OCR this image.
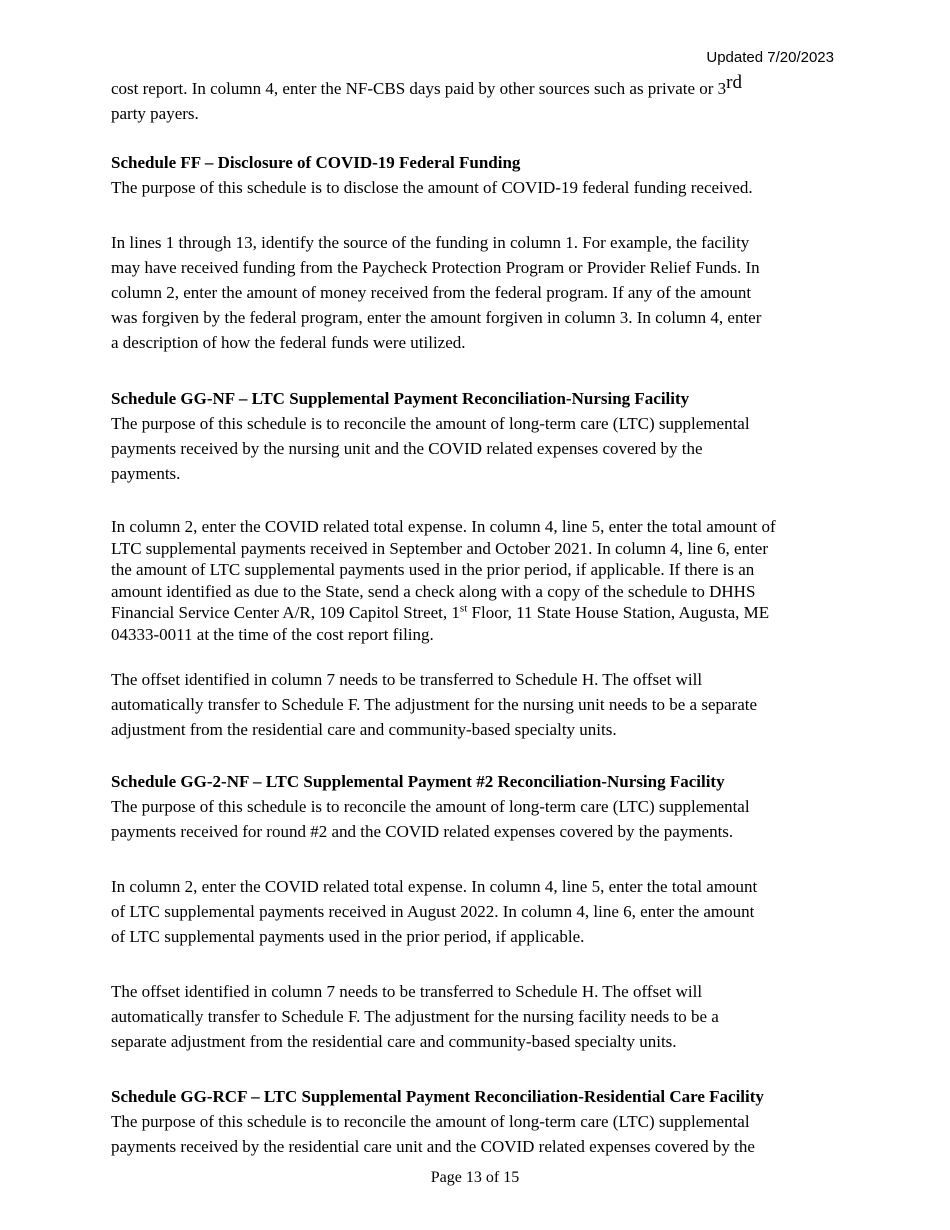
Updated 7/20/2023

cost report. In column 4, enter the NF-CBS days paid by other sources such as private or 3rd
party payers.

Schedule FF – Disclosure of COVID-19 Federal Funding

The purpose of this schedule is to disclose the amount of COVID-19 federal funding received.

In lines 1 through 13, identify the source of the funding in column 1. For example, the facility
may have received funding from the Paycheck Protection Program or Provider Relief Funds. In
column 2, enter the amount of money received from the federal program. If any of the amount
was forgiven by the federal program, enter the amount forgiven in column 3. In column 4, enter
a description of how the federal funds were utilized.

Schedule GG-NF – LTC Supplemental Payment Reconciliation-Nursing Facility

The purpose of this schedule is to reconcile the amount of long-term care (LTC) supplemental
payments received by the nursing unit and the COVID related expenses covered by the
payments.

In column 2, enter the COVID related total expense. In column 4, line 5, enter the total amount of
LTC supplemental payments received in September and October 2021. In column 4, line 6, enter
the amount of LTC supplemental payments used in the prior period, if applicable. If there is an
amount identified as due to the State, send a check along with a copy of the schedule to DHHS
Financial Service Center A/R, 109 Capitol Street, 1st Floor, 11 State House Station, Augusta, ME
04333-0011 at the time of the cost report filing.

The offset identified in column 7 needs to be transferred to Schedule H. The offset will
automatically transfer to Schedule F. The adjustment for the nursing unit needs to be a separate
adjustment from the residential care and community-based specialty units.

Schedule GG-2-NF – LTC Supplemental Payment #2 Reconciliation-Nursing Facility

The purpose of this schedule is to reconcile the amount of long-term care (LTC) supplemental
payments received for round #2 and the COVID related expenses covered by the payments.

In column 2, enter the COVID related total expense. In column 4, line 5, enter the total amount
of LTC supplemental payments received in August 2022. In column 4, line 6, enter the amount
of LTC supplemental payments used in the prior period, if applicable.

The offset identified in column 7 needs to be transferred to Schedule H. The offset will
automatically transfer to Schedule F. The adjustment for the nursing facility needs to be a
separate adjustment from the residential care and community-based specialty units.

Schedule GG-RCF – LTC Supplemental Payment Reconciliation-Residential Care Facility

The purpose of this schedule is to reconcile the amount of long-term care (LTC) supplemental
payments received by the residential care unit and the COVID related expenses covered by the

Page 13 of 15
